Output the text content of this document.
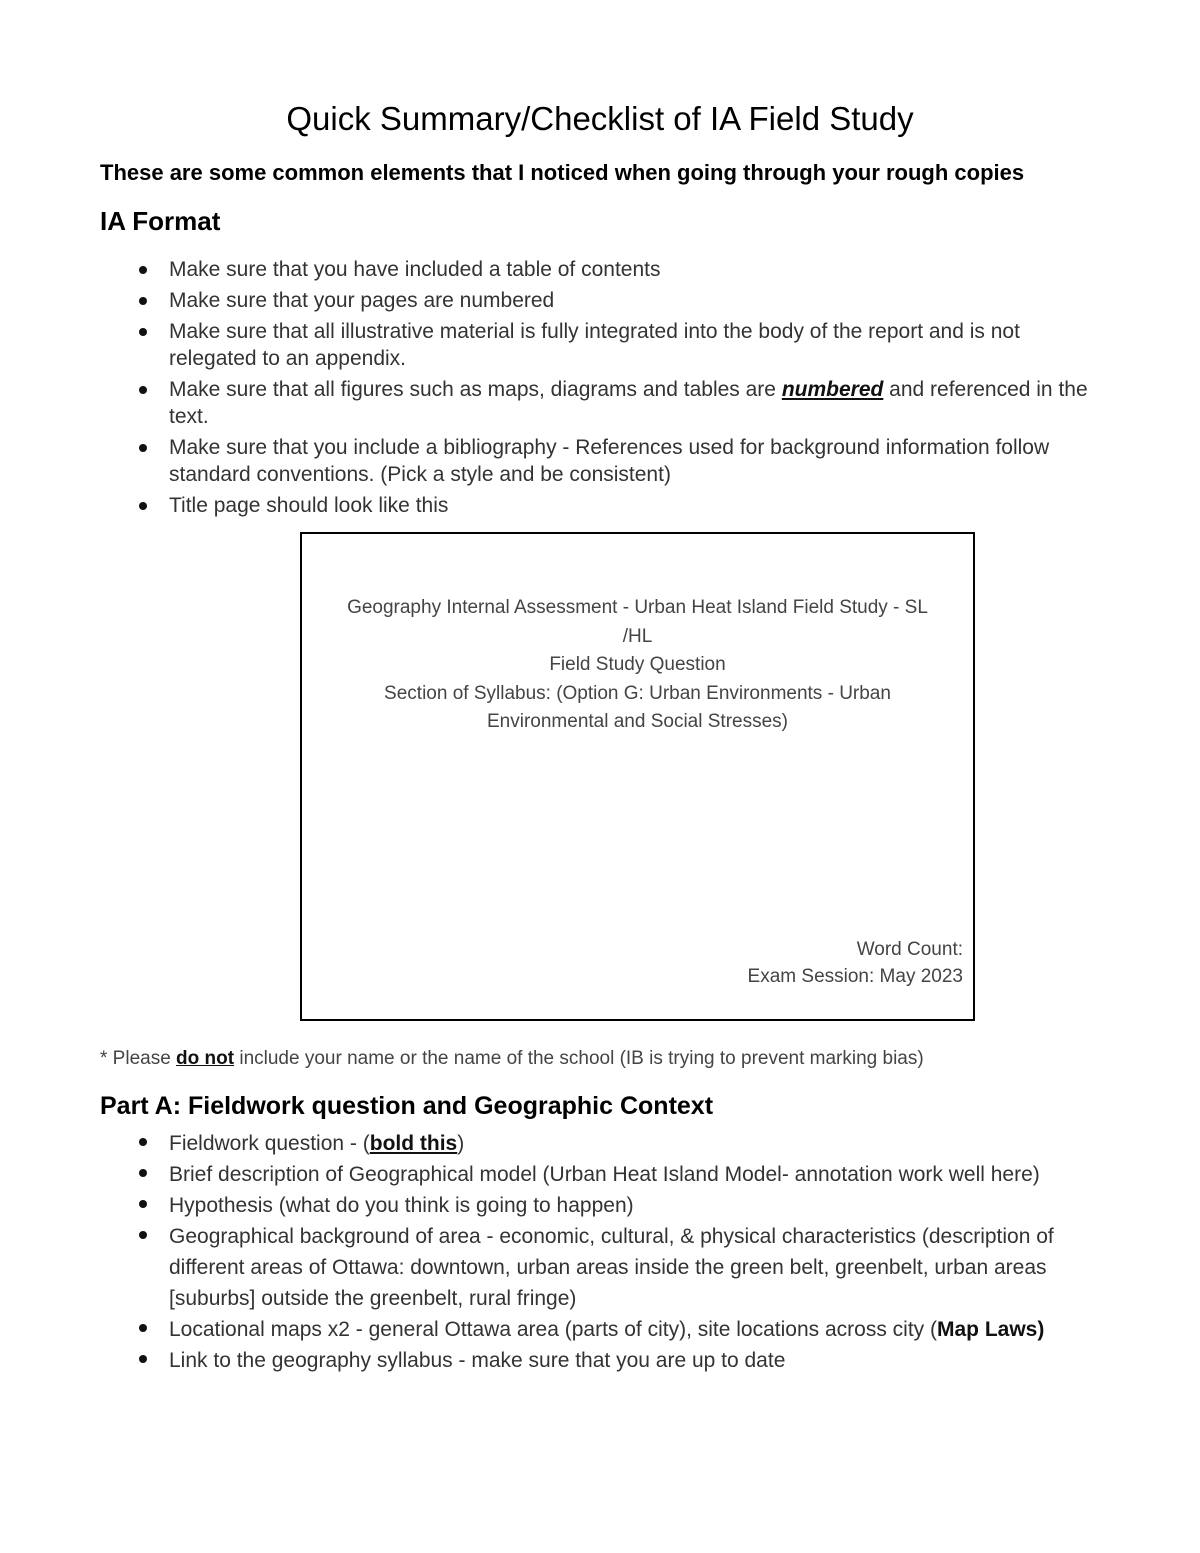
Quick Summary/Checklist of IA Field Study
These are some common elements that I noticed when going through your rough copies
IA Format
Make sure that you have included a table of contents
Make sure that your pages are numbered
Make sure that all illustrative material is fully integrated into the body of the report and is not relegated to an appendix.
Make sure that all figures such as maps, diagrams and tables are numbered and referenced in the text.
Make sure that you include a bibliography - References used for background information follow standard conventions. (Pick a style and be consistent)
Title page should look like this
Geography Internal Assessment - Urban Heat Island Field Study - SL /HL
Field Study Question
Section of Syllabus: (Option G: Urban Environments - Urban Environmental and Social Stresses)
Word Count:
Exam Session: May 2023
* Please do not include your name or the name of the school (IB is trying to prevent marking bias)
Part A: Fieldwork question and Geographic Context
Fieldwork question - (bold this)
Brief description of Geographical model (Urban Heat Island Model- annotation work well here)
Hypothesis (what do you think is going to happen)
Geographical background of area - economic, cultural, & physical characteristics (description of different areas of Ottawa: downtown, urban areas inside the green belt, greenbelt, urban areas [suburbs] outside the greenbelt, rural fringe)
Locational maps x2 - general Ottawa area (parts of city), site locations across city (Map Laws)
Link to the geography syllabus - make sure that you are up to date
